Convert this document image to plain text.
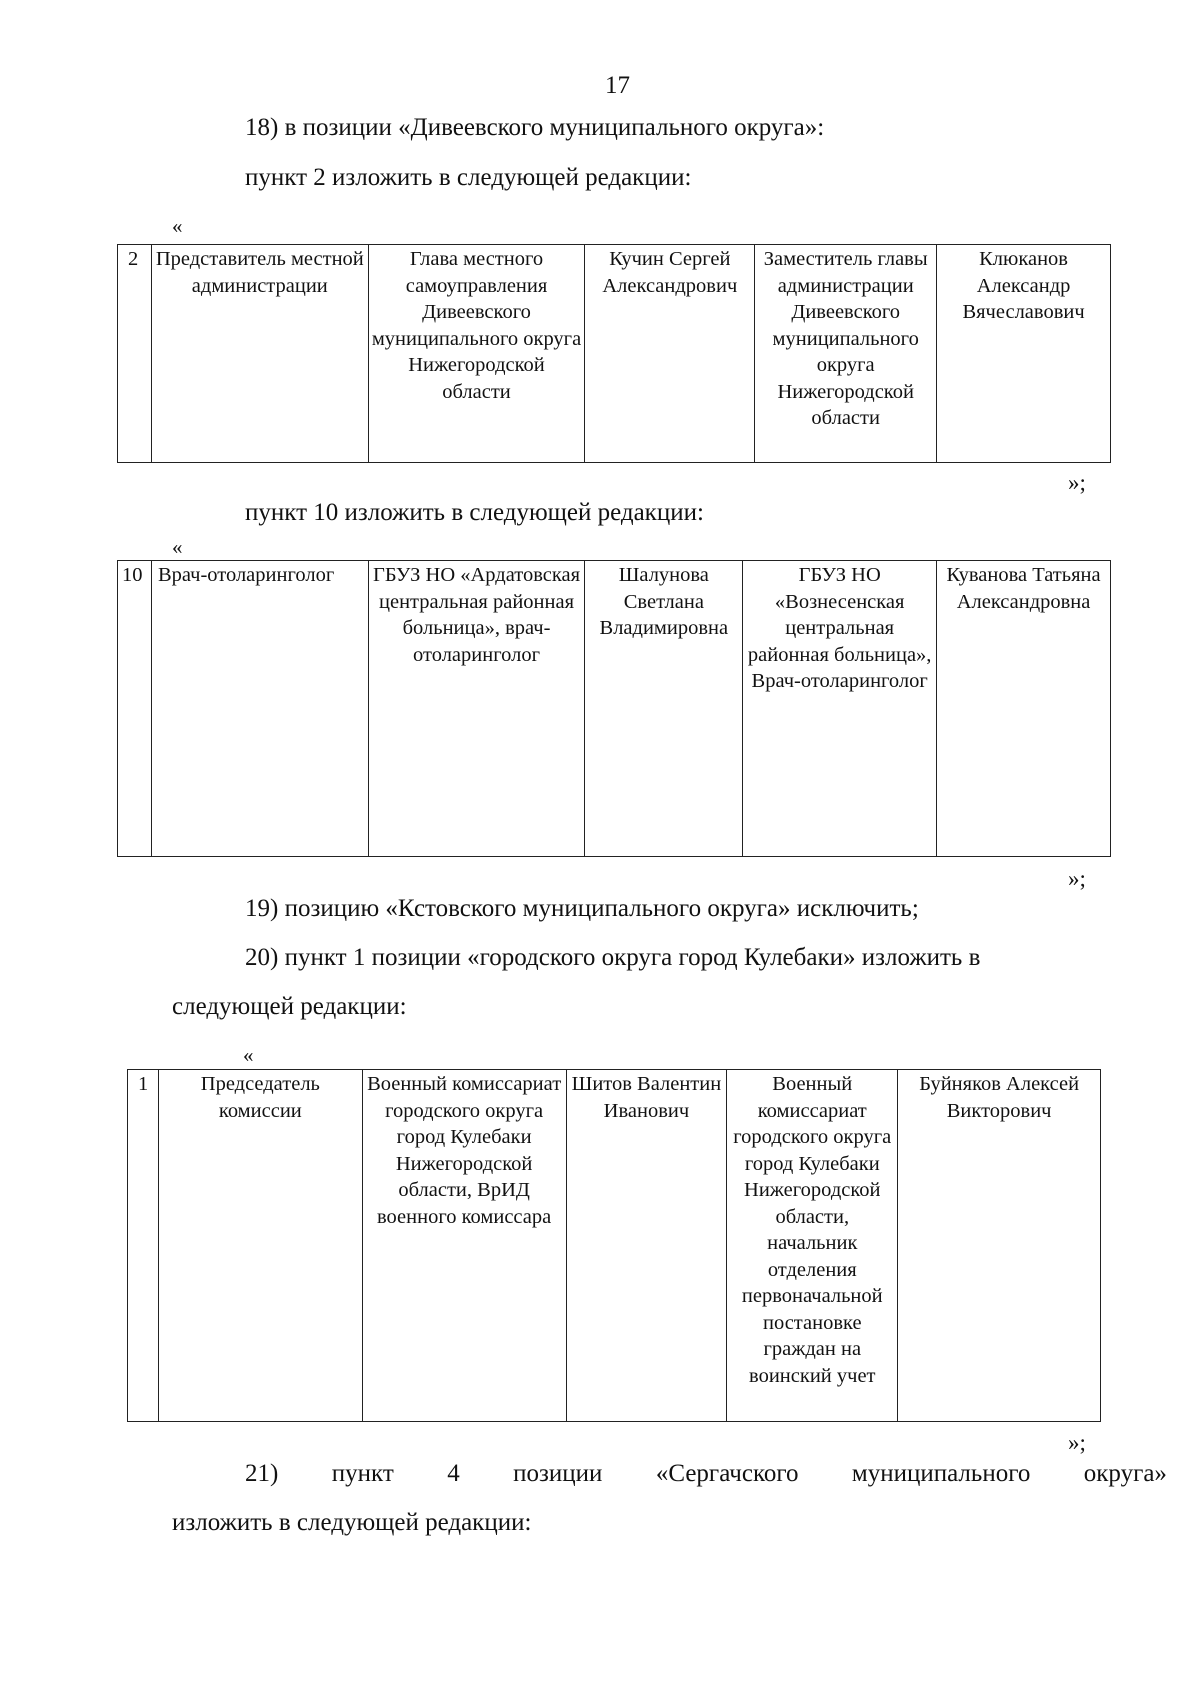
17
18) в позиции «Дивеевского муниципального округа»:
пункт 2 изложить в следующей редакции:
«
2	Представитель местной администрации	Глава местного самоуправления Дивеевского муниципального округа Нижегородской области	Кучин Сергей Александрович	Заместитель главы администрации Дивеевского муниципального округа Нижегородской области	Клюканов Александр Вячеславович
»;
пункт 10 изложить в следующей редакции:
«
10	Врач-отоларинголог	ГБУЗ НО «Ардатовская центральная районная больница», врач-отоларинголог	Шалунова Светлана Владимировна	ГБУЗ НО «Вознесенская центральная районная больница», Врач-отоларинголог	Куванова Татьяна Александровна
»;
19) позицию «Кстовского муниципального округа» исключить;
20) пункт 1 позиции «городского округа город Кулебаки» изложить в
следующей редакции:
«
1	Председатель комиссии	Военный комиссариат городского округа город Кулебаки Нижегородской области, ВрИД военного комиссара	Шитов Валентин Иванович	Военный комиссариат городского округа город Кулебаки Нижегородской области, начальник отделения первоначальной постановке граждан на воинский учет	Буйняков Алексей Викторович
»;
21) пункт 4 позиции «Сергачского муниципального округа»
изложить в следующей редакции:
